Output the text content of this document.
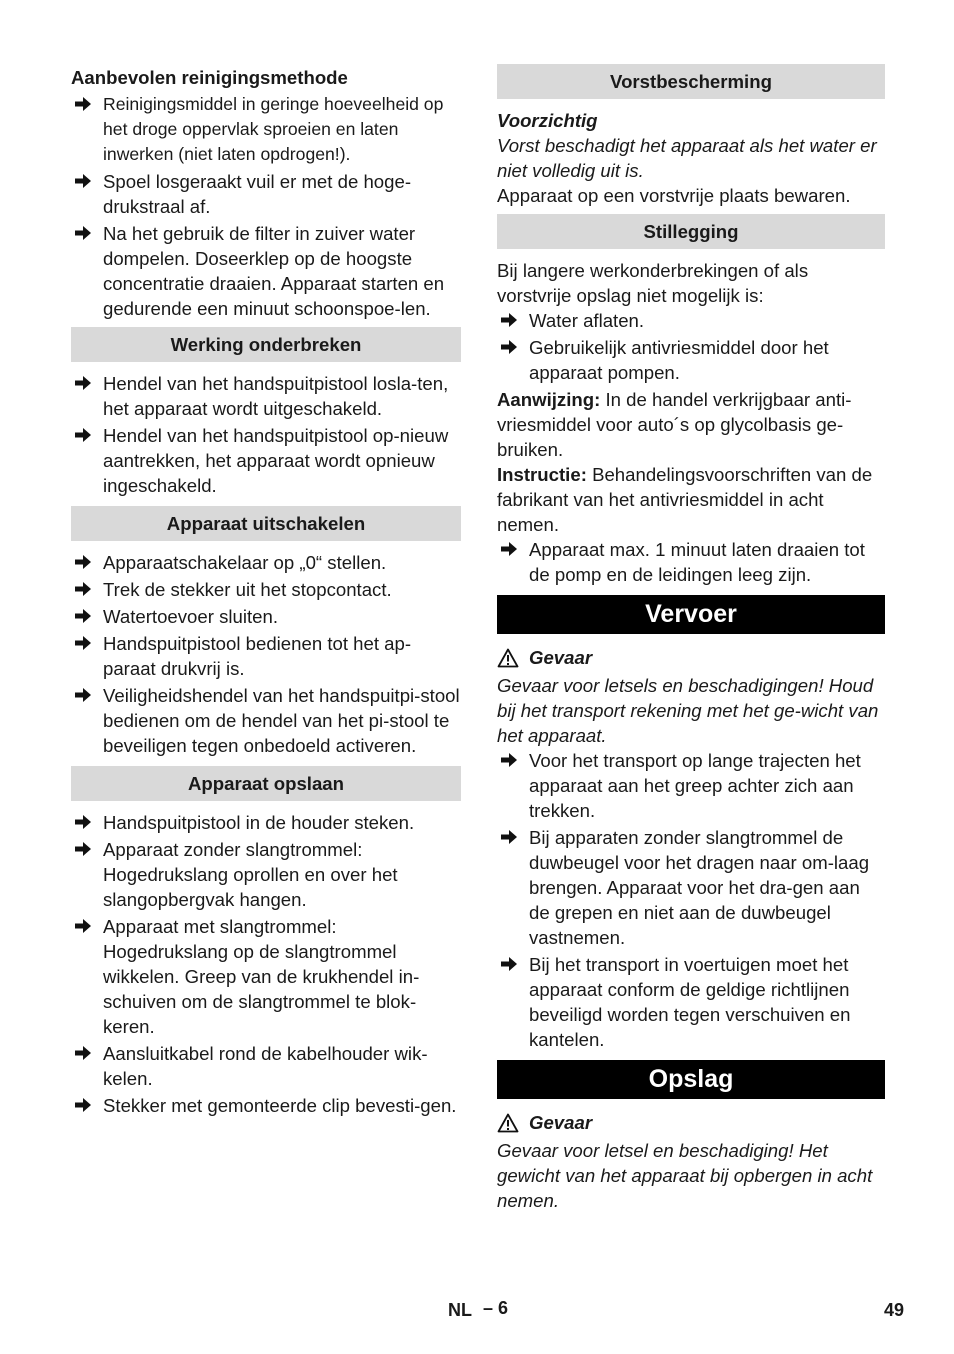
Aanbevolen reinigingsmethode

Reinigingsmiddel in geringe hoeveelheid op het droge oppervlak sproeien en laten inwerken (niet laten opdrogen!).
Spoel losgeraakt vuil er met de hoge-drukstraal af.
Na het gebruik de filter in zuiver water dompelen. Doseerklep op de hoogste concentratie draaien. Apparaat starten en gedurende een minuut schoonspoe-len.
Werking onderbreken
Hendel van het handspuitpistool losla-ten, het apparaat wordt uitgeschakeld.
Hendel van het handspuitpistool op-nieuw aantrekken, het apparaat wordt opnieuw ingeschakeld.
Apparaat uitschakelen
Apparaatschakelaar op „0“ stellen.
Trek de stekker uit het stopcontact.
Watertoevoer sluiten.
Handspuitpistool bedienen tot het ap-paraat drukvrij is.
Veiligheidshendel van het handspuitpi-stool bedienen om de hendel van het pi-stool te beveiligen tegen onbedoeld activeren.
Apparaat opslaan
Handspuitpistool in de houder steken.
Apparaat zonder slangtrommel: Hogedrukslang oprollen en over het slangopbergvak hangen.
Apparaat met slangtrommel: Hogedrukslang op de slangtrommel wikkelen. Greep van de krukhendel in-schuiven om de slangtrommel te blok-keren.
Aansluitkabel rond de kabelhouder wik-kelen.
Stekker met gemonteerde clip bevesti-gen.
Vorstbescherming

Voorzichtig

Vorst beschadigt het apparaat als het water er niet volledig uit is.

Apparaat op een vorstvrije plaats bewaren.

Stillegging

Bij langere werkonderbrekingen of als vorstvrije opslag niet mogelijk is:

Water aflaten.
Gebruikelijk antivriesmiddel door het apparaat pompen.

Aanwijzing: In de handel verkrijgbaar anti-vriesmiddel voor auto´s op glycolbasis ge-bruiken.

Instructie: Behandelingsvoorschriften van de fabrikant van het antivriesmiddel in acht nemen.

Apparaat max. 1 minuut laten draaien tot de pomp en de leidingen leeg zijn.
Vervoer
Gevaar

Gevaar voor letsels en beschadigingen! Houd bij het transport rekening met het ge-wicht van het apparaat.

Voor het transport op lange trajecten het apparaat aan het greep achter zich aan trekken.
Bij apparaten zonder slangtrommel de duwbeugel voor het dragen naar om-laag brengen. Apparaat voor het dra-gen aan de grepen en niet aan de duwbeugel vastnemen.
Bij het transport in voertuigen moet het apparaat conform de geldige richtlijnen beveiligd worden tegen verschuiven en kantelen.
Opslag
Gevaar

Gevaar voor letsel en beschadiging! Het gewicht van het apparaat bij opbergen in acht nemen.

NL – 6	49
